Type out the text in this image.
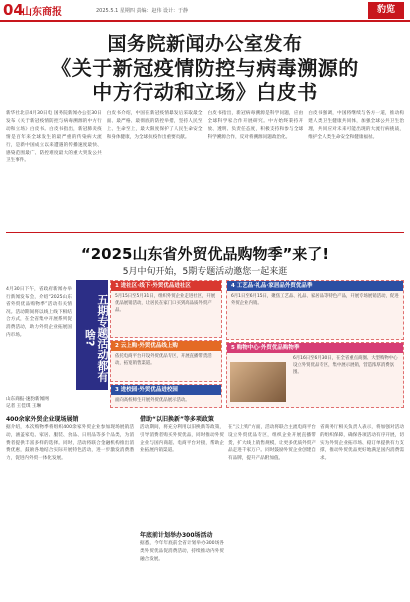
04
山东商报	2025.5.1 星期四 责编：赵伟 设计：于静	豹览
国务院新闻办公室发布
《关于新冠疫情防控与病毒溯源的
中方行动和立场》白皮书
新华社北京4月30日电 国务院新闻办公室30日发布《关于新冠疫情防控与病毒溯源的中方行动和立场》白皮书。白皮书指出，新冠肺炎疫情是百年来全球发生的最严重的传染病大流行，是新中国成立以来遭遇的传播速度最快、感染范围最广、防控难度最大的重大突发公共卫生事件。
白皮书介绍，中国在新冠疫情暴发后采取最全面、最严格、最彻底的防控举措，坚持人民至上、生命至上，最大限度保护了人民生命安全和身体健康，为全球抗疫作出重要贡献。
白皮书指出，新冠病毒溯源是科学问题，应由全球科学家合作开展研究。中方始终秉持开放、透明、负责任态度，积极支持和参与全球科学溯源合作，反对将溯源问题政治化。
白皮书强调，中国将继续与各方一道，推动构建人类卫生健康共同体，加强全球公共卫生治理，共同应对未来可能出现的大流行病挑战，维护全人类生命安全和健康福祉。
“2025山东省外贸优品购物季”来了!
5月中旬开始，5期专题活动邀您一起来逛
4月30日下午，省政府新闻办举行新闻发布会，介绍“2025山东省外贸优品购物季”活动有关情况。活动期间将以线上线下相结合方式，在全省集中开展系列促消费活动，助力外贸企业拓展国内市场。	五期专题活动都有啥?
1 进社区·线下·外贸优品进社区
5月15日至5月31日，组织外贸企业走进社区，开展优品展销活动，让居民在家门口买到高品质外贸产品。
2 云上购·外贸优品线上购
依托电商平台开设外贸优品专区，开展直播带货活动，拓宽销售渠道。
3 进校园·外贸优品进校园
面向高校师生开展外贸优品展示活动。
4 工艺品·礼品·家居品外贸优品季
6月1日至6月15日，聚焦工艺品、礼品、家居品等特色产品，开展专场展销活动，促进外贸企业内销。
5 购物中心·外贸优品购物季
6月16日至6月30日，在全省重点商圈、大型购物中心设立外贸优品专区，集中展示展销，营造浓厚消费氛围。
山东商报·速豹新闻网
记者 王佳琪 王琳
400余家外贸企业现场展销	借助“以旧换新”等多项政策
年底前计划举办300场活动
据介绍，本次购物季将组织400余家外贸企业参加现场展销活动，涵盖家电、家居、服装、食品、日用品等多个品类，为消费者提供丰富多样的选择。同时，活动将联合金融机构推出消费优惠，鼓励各地结合实际开展特色活动，进一步激发消费潜力，促进内外贸一体化发展。
活动期间，将充分利用以旧换新等政策，引导消费者购买外贸优品，同时推动外贸企业与国内商超、电商平台对接，帮助企业拓展内销渠道。
在“云上购”方面，活动将联合主流电商平台设立外贸优品专区，组织企业开展直播带货，扩大线上销售规模，让更多优质外贸产品走进千家万户。同时鼓励外贸企业创建自有品牌，提升产品附加值。
省商务厅相关负责人表示，将加强对活动的组织保障，确保各项活动有序开展，切实为外贸企业拓市场、稳订单提供有力支撑，推动外贸优品更好地满足国内消费需求。
据悉，今年年底前全省计划举办300场各类外贸优品促消费活动，持续推动内外贸融合发展。
